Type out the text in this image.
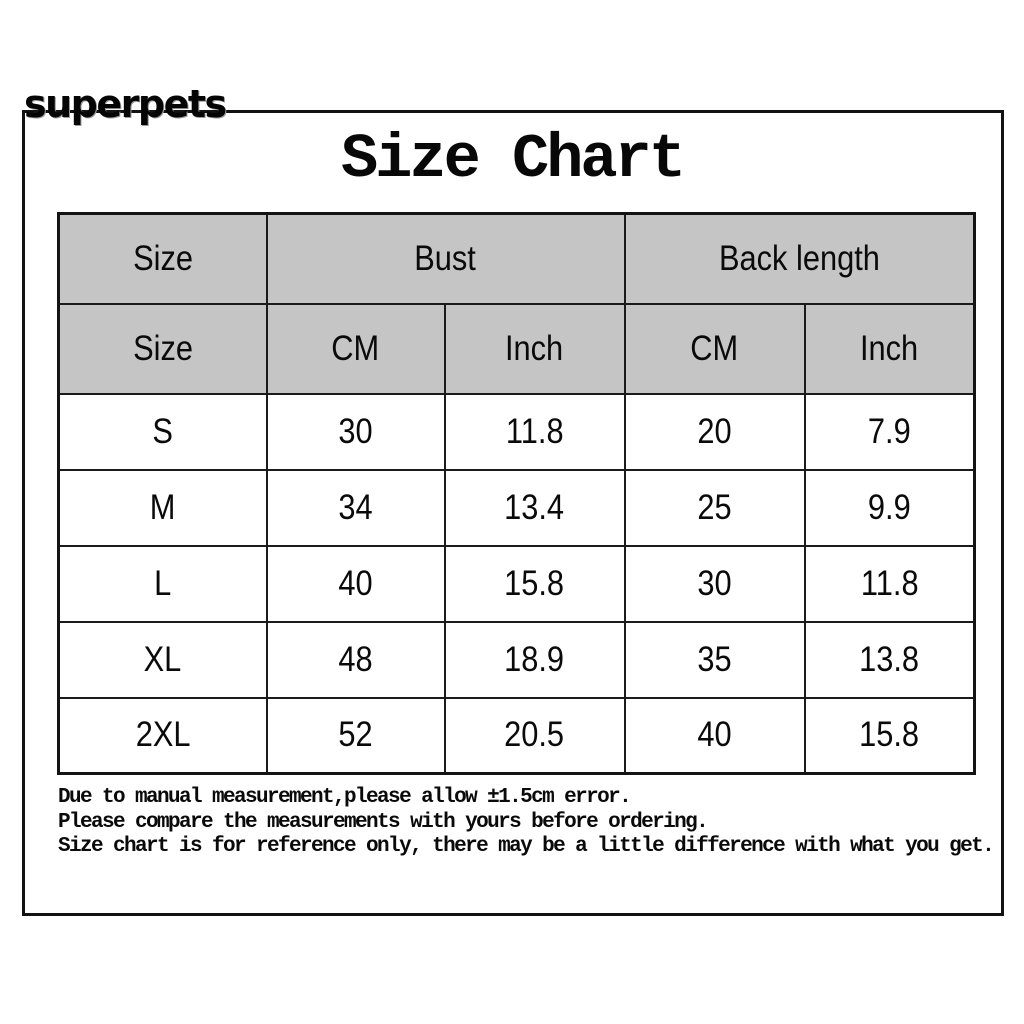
superpets
Size Chart
Size	Bust		Back length	
Size	CM	Inch	CM	Inch
S	30	11.8	20	7.9
M	34	13.4	25	9.9
L	40	15.8	30	11.8
XL	48	18.9	35	13.8
2XL	52	20.5	40	15.8
Due to manual measurement,please allow ±1.5cm error.
Please compare the measurements with yours before ordering.
Size chart is for reference only, there may be a little difference with what you get.
